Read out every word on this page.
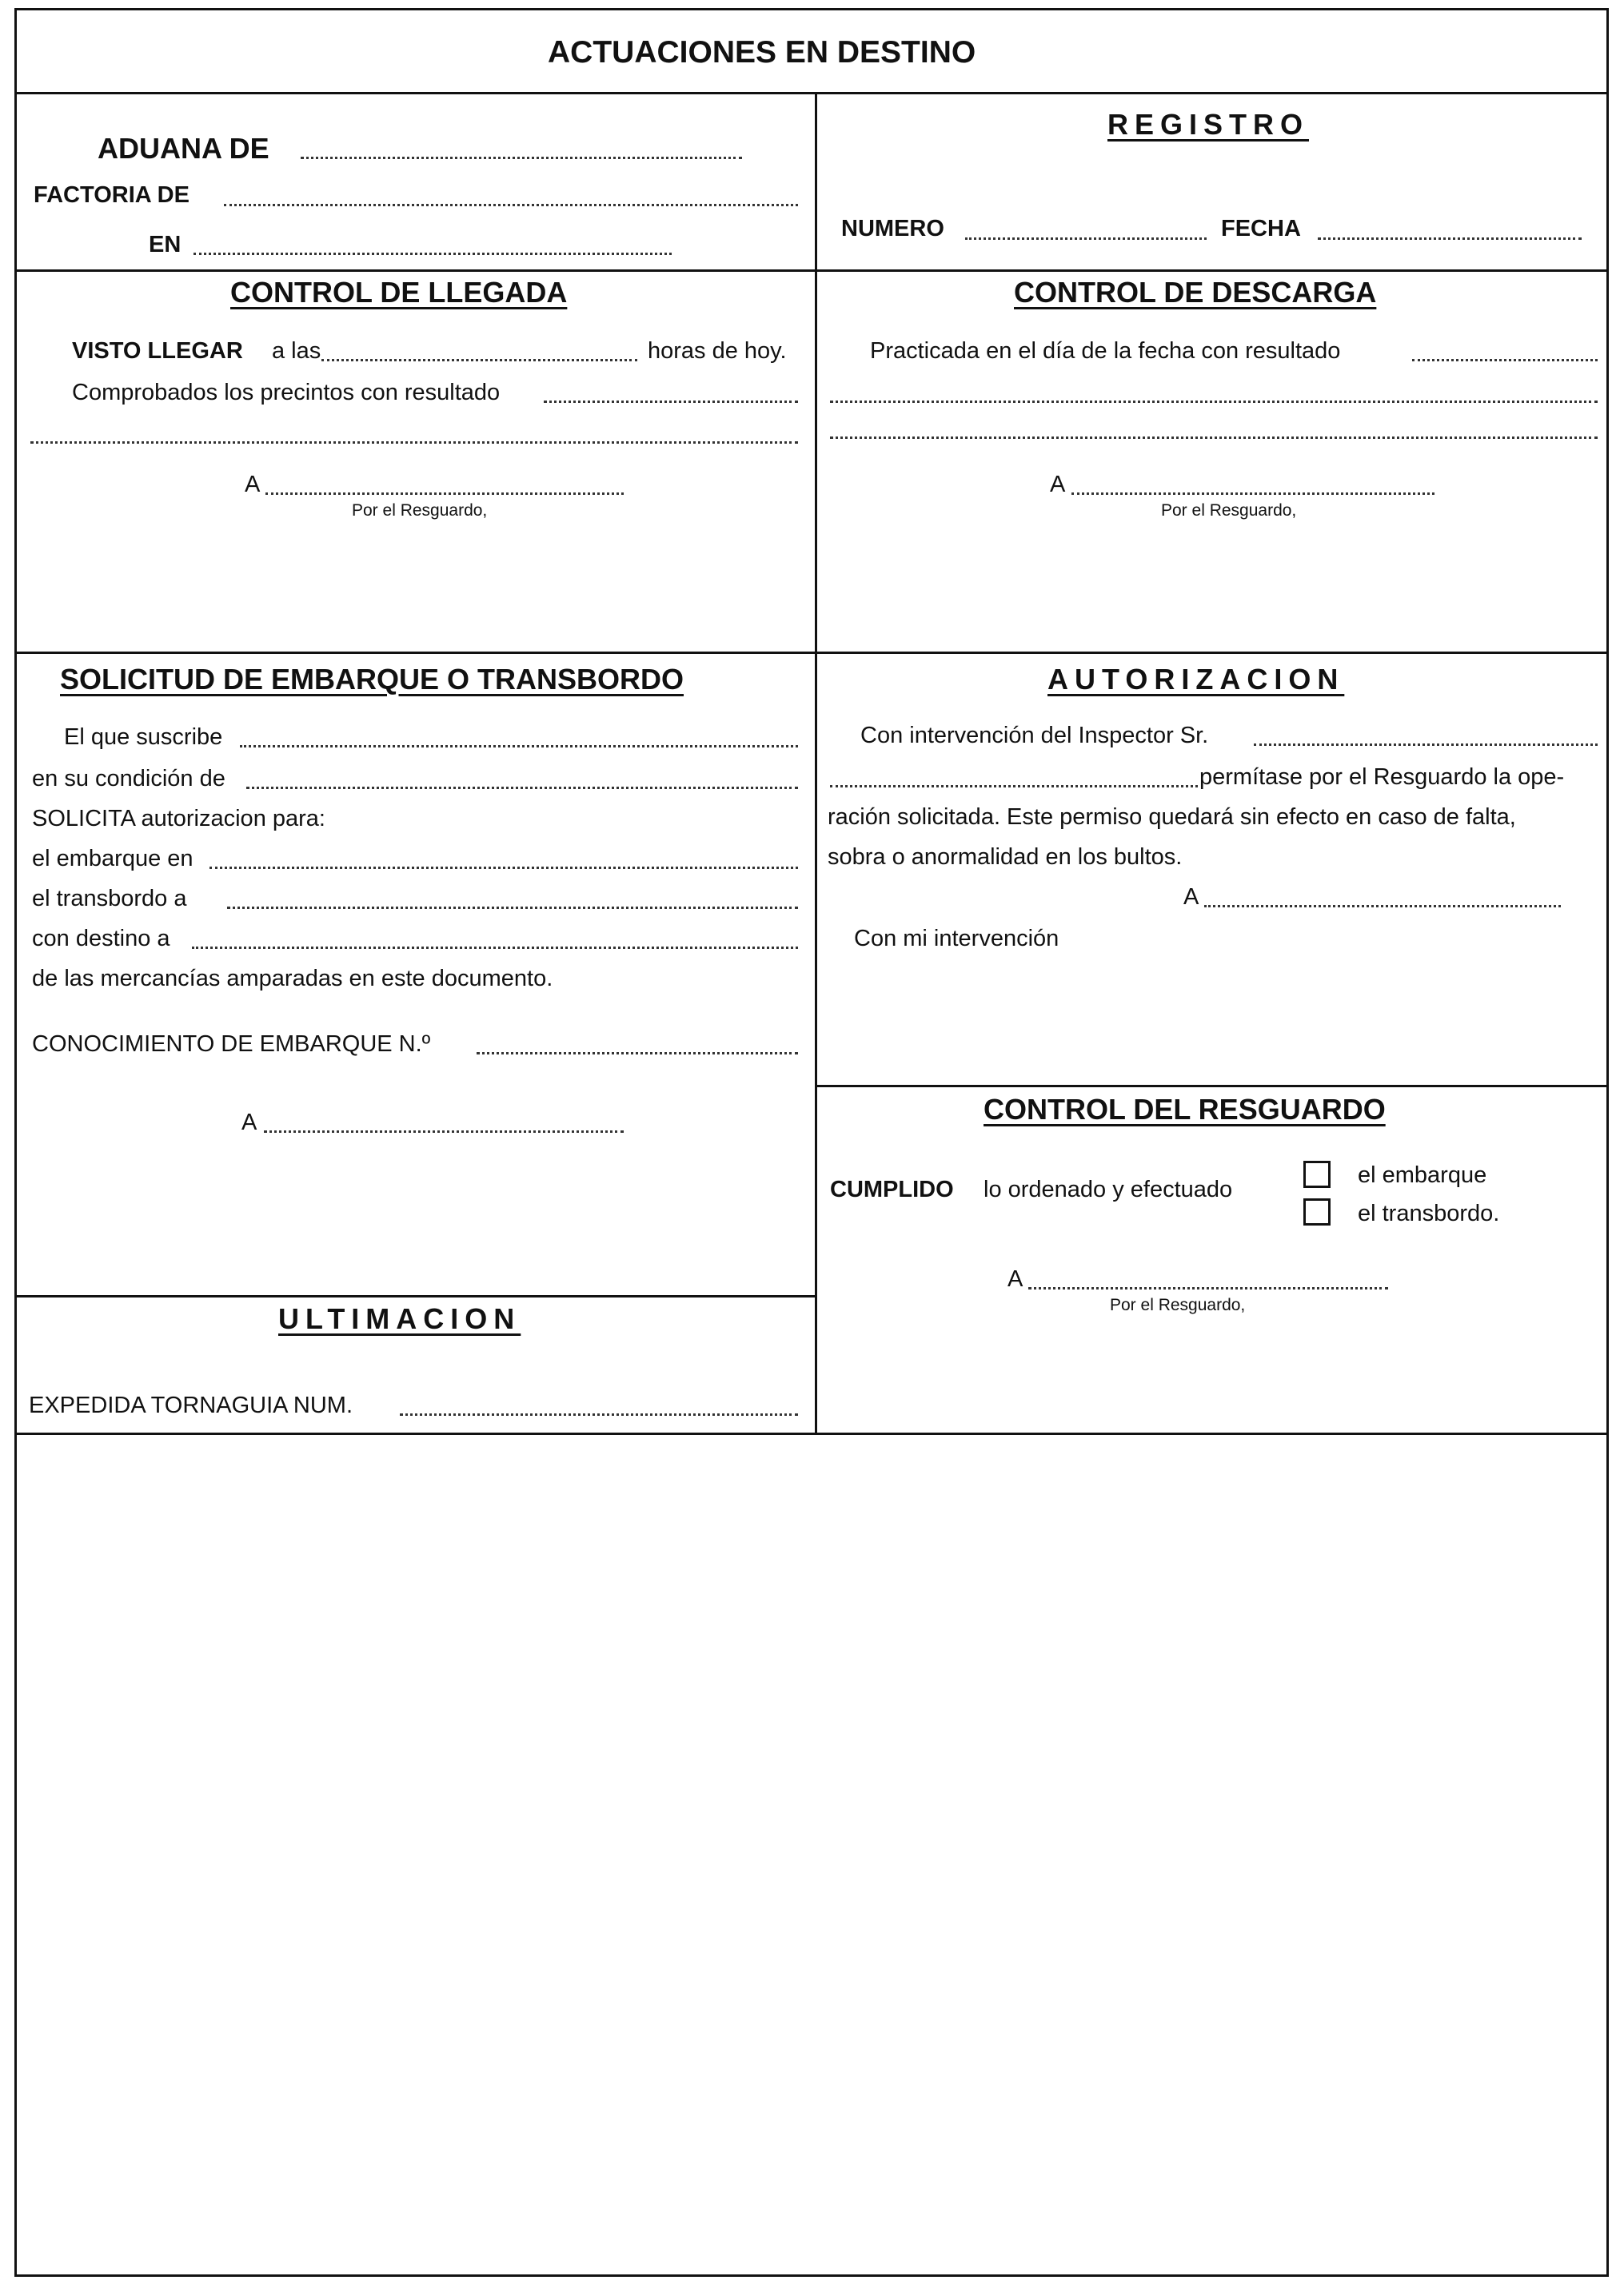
ACTUACIONES EN DESTINO
ADUANA DE
FACTORIA DE
EN
REGISTRO
NUMERO	FECHA
CONTROL DE LLEGADA
VISTO LLEGAR a las	horas de hoy.
Comprobados los precintos con resultado
A
Por el Resguardo,
CONTROL DE DESCARGA
Practicada en el día de la fecha con resultado
A
Por el Resguardo,
SOLICITUD DE EMBARQUE O TRANSBORDO
El que suscribe
en su condición de
SOLICITA autorizacion para:
el embarque en
el transbordo a
con destino a
de las mercancías amparadas en este documento.
CONOCIMIENTO DE EMBARQUE N.º
A
AUTORIZACION
Con intervención del Inspector Sr.
permítase por el Resguardo la ope-
ración solicitada. Este permiso quedará sin efecto en caso de falta,
sobra o anormalidad en los bultos.
A
Con mi intervención
CONTROL DEL RESGUARDO
CUMPLIDO lo ordenado y efectuado
el embarque
el transbordo.
A
Por el Resguardo,
ULTIMACION
EXPEDIDA TORNAGUIA NUM.
